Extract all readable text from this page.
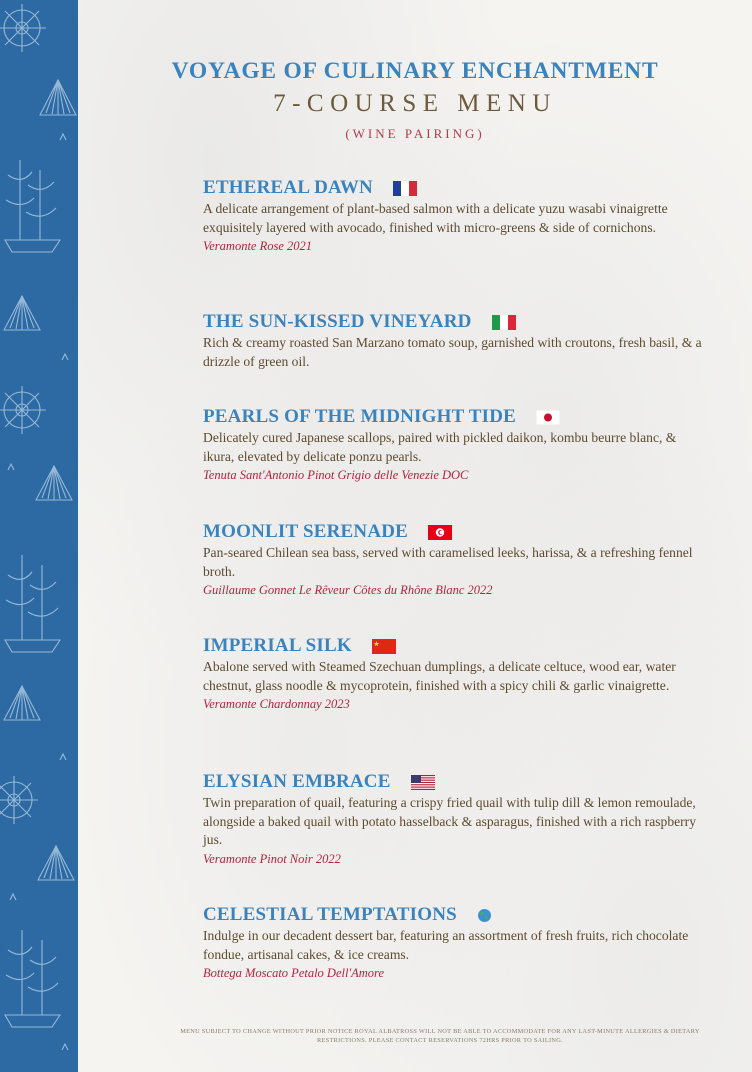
VOYAGE OF CULINARY ENCHANTMENT
7-COURSE MENU
(WINE PAIRING)
ETHEREAL DAWN
A delicate arrangement of plant-based salmon with a delicate yuzu wasabi vinaigrette exquisitely layered with avocado, finished with micro-greens & side of cornichons.
Veramonte Rose 2021
THE SUN-KISSED VINEYARD
Rich & creamy roasted San Marzano tomato soup, garnished with croutons, fresh basil, & a drizzle of green oil.
PEARLS OF THE MIDNIGHT TIDE
Delicately cured Japanese scallops, paired with pickled daikon, kombu beurre blanc, & ikura, elevated by delicate ponzu pearls.
Tenuta Sant'Antonio Pinot Grigio delle Venezie DOC
MOONLIT SERENADE
Pan-seared Chilean sea bass, served with caramelised leeks, harissa, & a refreshing fennel broth.
Guillaume Gonnet Le Rêveur Côtes du Rhône Blanc 2022
IMPERIAL SILK
Abalone served with Steamed Szechuan dumplings, a delicate celtuce, wood ear, water chestnut, glass noodle & mycoprotein, finished with a spicy chili & garlic vinaigrette.
Veramonte Chardonnay 2023
ELYSIAN EMBRACE
Twin preparation of quail, featuring a crispy fried quail with tulip dill & lemon remoulade, alongside a baked quail with potato hasselback & asparagus, finished with a rich raspberry jus.
Veramonte Pinot Noir 2022
CELESTIAL TEMPTATIONS
Indulge in our decadent dessert bar, featuring an assortment of fresh fruits, rich chocolate fondue, artisanal cakes, & ice creams.
Bottega Moscato Petalo Dell'Amore
MENU SUBJECT TO CHANGE WITHOUT PRIOR NOTICE ROYAL ALBATROSS WILL NOT BE ABLE TO ACCOMMODATE FOR ANY LAST-MINUTE ALLERGIES & DIETARY RESTRICTIONS. PLEASE CONTACT RESERVATIONS 72HRS PRIOR TO SAILING.
